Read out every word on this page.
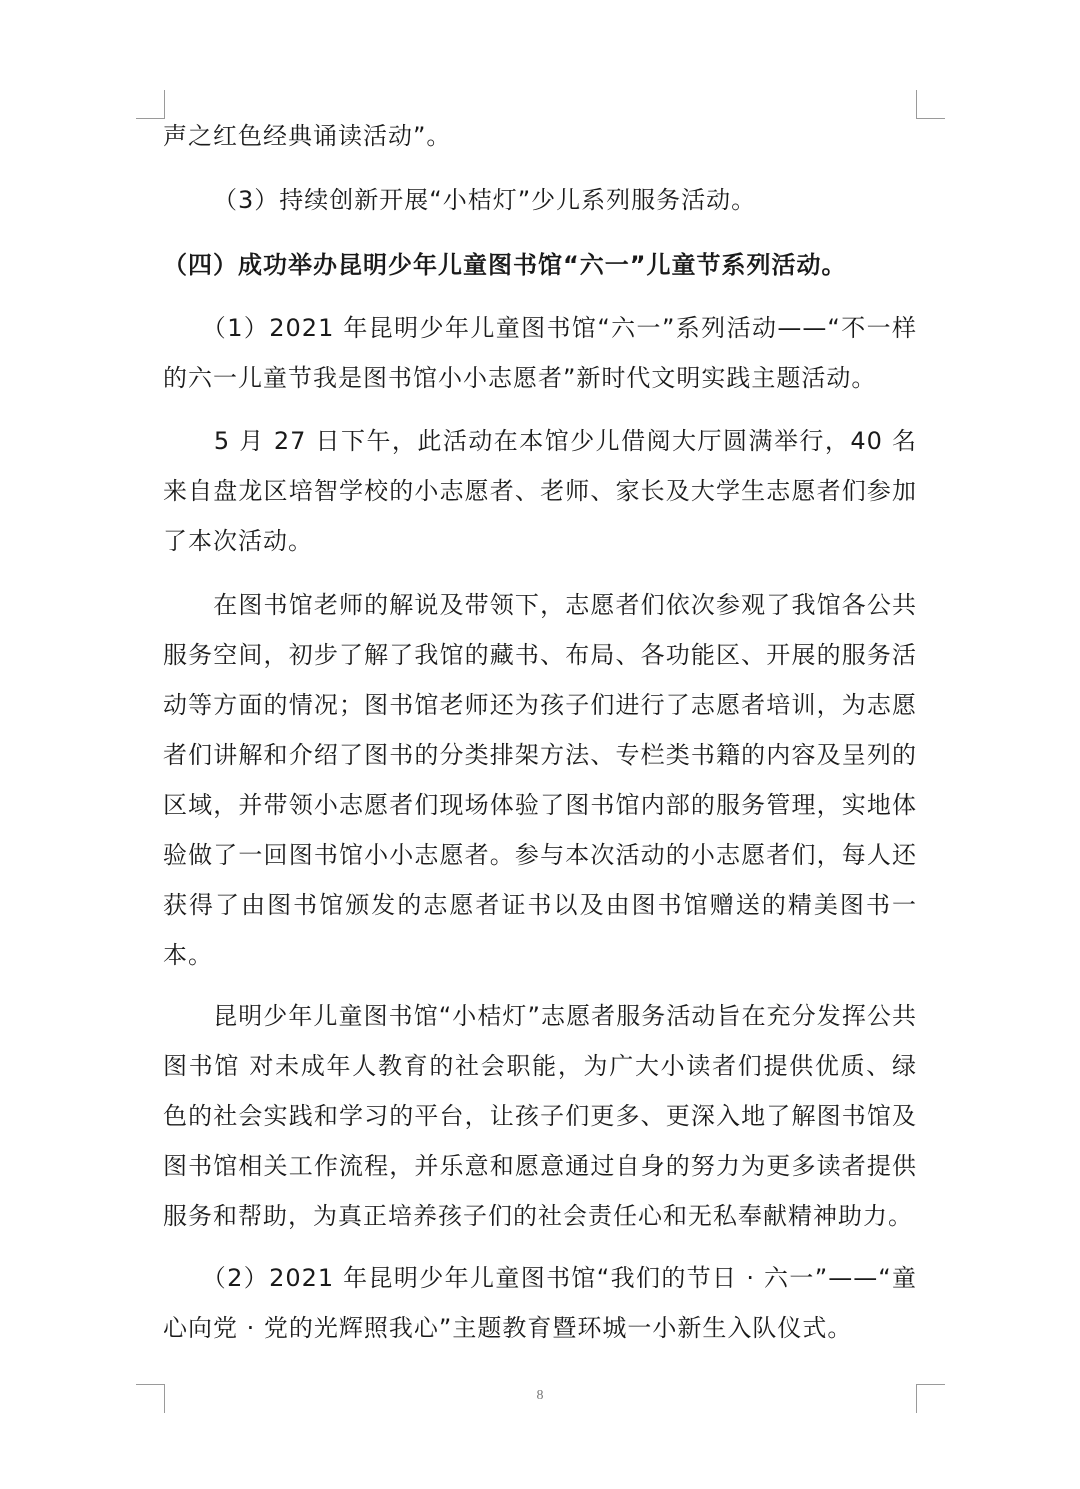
声之红色经典诵读活动”。

（3）持续创新开展“小桔灯”少儿系列服务活动。

（四）成功举办昆明少年儿童图书馆“六一”儿童节系列活动。

　　（1）2021 年昆明少年儿童图书馆“六一”系列活动——“不一样的六一儿童节我是图书馆小小志愿者”新时代文明实践主题活动。

　　5 月 27 日下午，此活动在本馆少儿借阅大厅圆满举行，40 名来自盘龙区培智学校的小志愿者、老师、家长及大学生志愿者们参加了本次活动。

　　在图书馆老师的解说及带领下，志愿者们依次参观了我馆各公共服务空间，初步了解了我馆的藏书、布局、各功能区、开展的服务活动等方面的情况；图书馆老师还为孩子们进行了志愿者培训，为志愿者们讲解和介绍了图书的分类排架方法、专栏类书籍的内容及呈列的区域，并带领小志愿者们现场体验了图书馆内部的服务管理，实地体验做了一回图书馆小小志愿者。参与本次活动的小志愿者们，每人还获得了由图书馆颁发的志愿者证书以及由图书馆赠送的精美图书一本。

　　昆明少年儿童图书馆“小桔灯”志愿者服务活动旨在充分发挥公共图书馆 对未成年人教育的社会职能，为广大小读者们提供优质、绿色的社会实践和学习的平台，让孩子们更多、更深入地了解图书馆及图书馆相关工作流程，并乐意和愿意通过自身的努力为更多读者提供服务和帮助，为真正培养孩子们的社会责任心和无私奉献精神助力。

　　（2）2021 年昆明少年儿童图书馆“我们的节日 · 六一”——“童心向党 · 党的光辉照我心”主题教育暨环城一小新生入队仪式。

8
